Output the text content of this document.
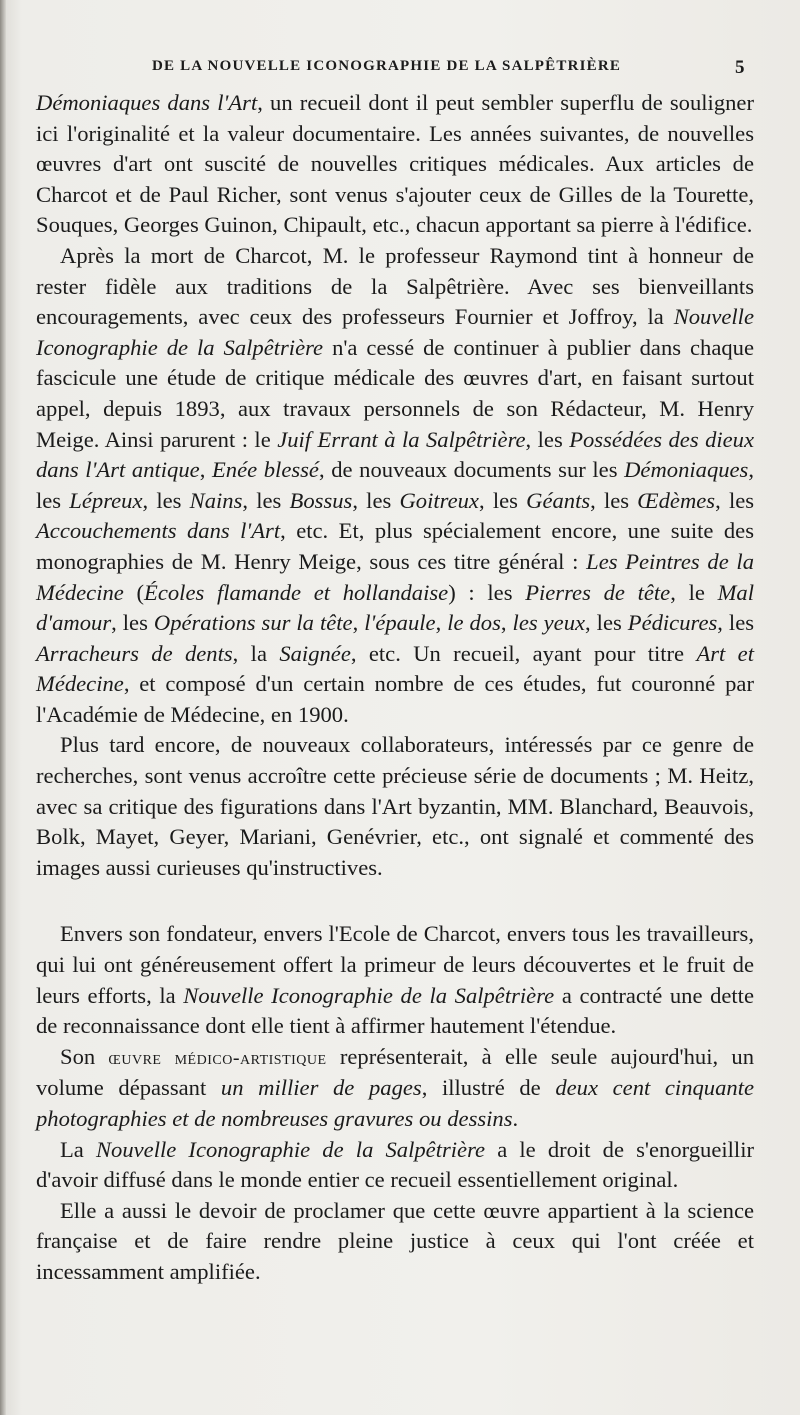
DE LA NOUVELLE ICONOGRAPHIE DE LA SALPÊTRIÈRE	5

Démoniaques dans l'Art, un recueil dont il peut sembler superflu de souligner ici l'originalité et la valeur documentaire. Les années suivantes, de nouvelles œuvres d'art ont suscité de nouvelles critiques médicales. Aux articles de Charcot et de Paul Richer, sont venus s'ajouter ceux de Gilles de la Tourette, Souques, Georges Guinon, Chipault, etc., chacun apportant sa pierre à l'édifice.

Après la mort de Charcot, M. le professeur Raymond tint à honneur de rester fidèle aux traditions de la Salpêtrière. Avec ses bienveillants encouragements, avec ceux des professeurs Fournier et Joffroy, la Nouvelle Iconographie de la Salpêtrière n'a cessé de continuer à publier dans chaque fascicule une étude de critique médicale des œuvres d'art, en faisant surtout appel, depuis 1893, aux travaux personnels de son Rédacteur, M. Henry Meige. Ainsi parurent : le Juif Errant à la Salpêtrière, les Possédées des dieux dans l'Art antique, Enée blessé, de nouveaux documents sur les Démoniaques, les Lépreux, les Nains, les Bossus, les Goitreux, les Géants, les Œdèmes, les Accouchements dans l'Art, etc. Et, plus spécialement encore, une suite des monographies de M. Henry Meige, sous ces titre général : Les Peintres de la Médecine (Écoles flamande et hollandaise) : les Pierres de tête, le Mal d'amour, les Opérations sur la tête, l'épaule, le dos, les yeux, les Pédicures, les Arracheurs de dents, la Saignée, etc. Un recueil, ayant pour titre Art et Médecine, et composé d'un certain nombre de ces études, fut couronné par l'Académie de Médecine, en 1900.

Plus tard encore, de nouveaux collaborateurs, intéressés par ce genre de recherches, sont venus accroître cette précieuse série de documents ; M. Heitz, avec sa critique des figurations dans l'Art byzantin, MM. Blanchard, Beauvois, Bolk, Mayet, Geyer, Mariani, Genévrier, etc., ont signalé et commenté des images aussi curieuses qu'instructives.

Envers son fondateur, envers l'Ecole de Charcot, envers tous les travailleurs, qui lui ont généreusement offert la primeur de leurs découvertes et le fruit de leurs efforts, la Nouvelle Iconographie de la Salpêtrière a contracté une dette de reconnaissance dont elle tient à affirmer hautement l'étendue.

Son œuvre médico-artistique représenterait, à elle seule aujourd'hui, un volume dépassant un millier de pages, illustré de deux cent cinquante photographies et de nombreuses gravures ou dessins.

La Nouvelle Iconographie de la Salpêtrière a le droit de s'enorgueillir d'avoir diffusé dans le monde entier ce recueil essentiellement original.

Elle a aussi le devoir de proclamer que cette œuvre appartient à la science française et de faire rendre pleine justice à ceux qui l'ont créée et incessamment amplifiée.
